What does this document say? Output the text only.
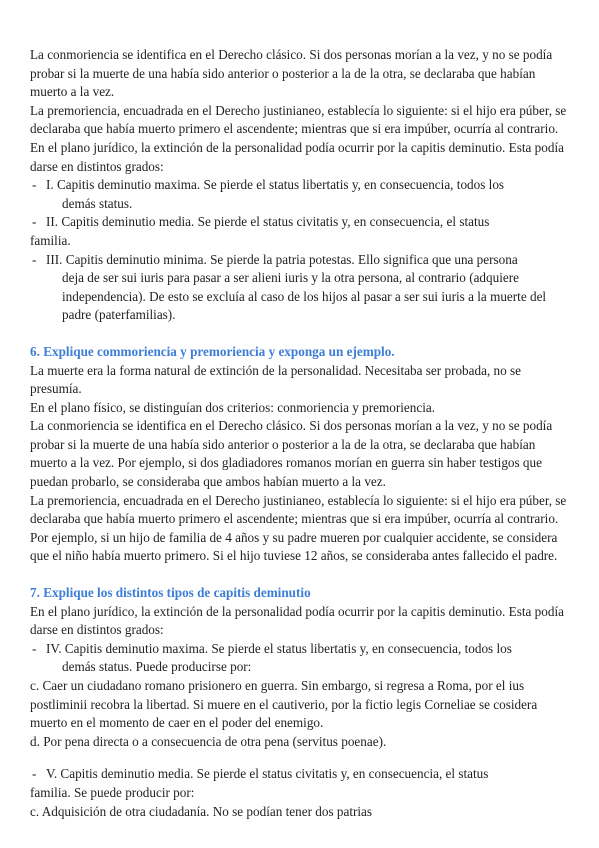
La conmoriencia se identifica en el Derecho clásico. Si dos personas morían a la vez, y no se podía probar si la muerte de una había sido anterior o posterior a la de la otra, se declaraba que habían muerto a la vez.

La premoriencia, encuadrada en el Derecho justinianeo, establecía lo siguiente: si el hijo era púber, se declaraba que había muerto primero el ascendente; mientras que si era impúber, ocurría al contrario.

En el plano jurídico, la extinción de la personalidad podía ocurrir por la capitis deminutio. Esta podía darse en distintos grados:

- I. Capitis deminutio maxima. Se pierde el status libertatis y, en consecuencia, todos los
demás status.
- II. Capitis deminutio media. Se pierde el status civitatis y, en consecuencia, el status
familia.
- III. Capitis deminutio minima. Se pierde la patria potestas. Ello significa que una persona
deja de ser sui iuris para pasar a ser alieni iuris y la otra persona, al contrario (adquiere
independencia). De esto se excluía al caso de los hijos al pasar a ser sui iuris a la muerte del
padre (paterfamilias).

6. Explique commoriencia y premoriencia y exponga un ejemplo.

La muerte era la forma natural de extinción de la personalidad. Necesitaba ser probada, no se presumía.

En el plano físico, se distinguían dos criterios: conmoriencia y premoriencia.

La conmoriencia se identifica en el Derecho clásico. Si dos personas morían a la vez, y no se podía probar si la muerte de una había sido anterior o posterior a la de la otra, se declaraba que habían muerto a la vez. Por ejemplo, si dos gladiadores romanos morían en guerra sin haber testigos que puedan probarlo, se consideraba que ambos habían muerto a la vez.

La premoriencia, encuadrada en el Derecho justinianeo, establecía lo siguiente: si el hijo era púber, se declaraba que había muerto primero el ascendente; mientras que si era impúber, ocurría al contrario. Por ejemplo, si un hijo de familia de 4 años y su padre mueren por cualquier accidente, se considera que el niño había muerto primero. Si el hijo tuviese 12 años, se consideraba antes fallecido el padre.

7. Explique los distintos tipos de capitis deminutio

En el plano jurídico, la extinción de la personalidad podía ocurrir por la capitis deminutio. Esta podía darse en distintos grados:

- IV. Capitis deminutio maxima. Se pierde el status libertatis y, en consecuencia, todos los
demás status. Puede producirse por:

c. Caer un ciudadano romano prisionero en guerra. Sin embargo, si regresa a Roma, por el ius postliminii recobra la libertad. Si muere en el cautiverio, por la fictio legis Corneliae se cosidera muerto en el momento de caer en el poder del enemigo.

d. Por pena directa o a consecuencia de otra pena (servitus poenae).

- V. Capitis deminutio media. Se pierde el status civitatis y, en consecuencia, el status

familia. Se puede producir por:

c. Adquisición de otra ciudadanía. No se podían tener dos patrias
